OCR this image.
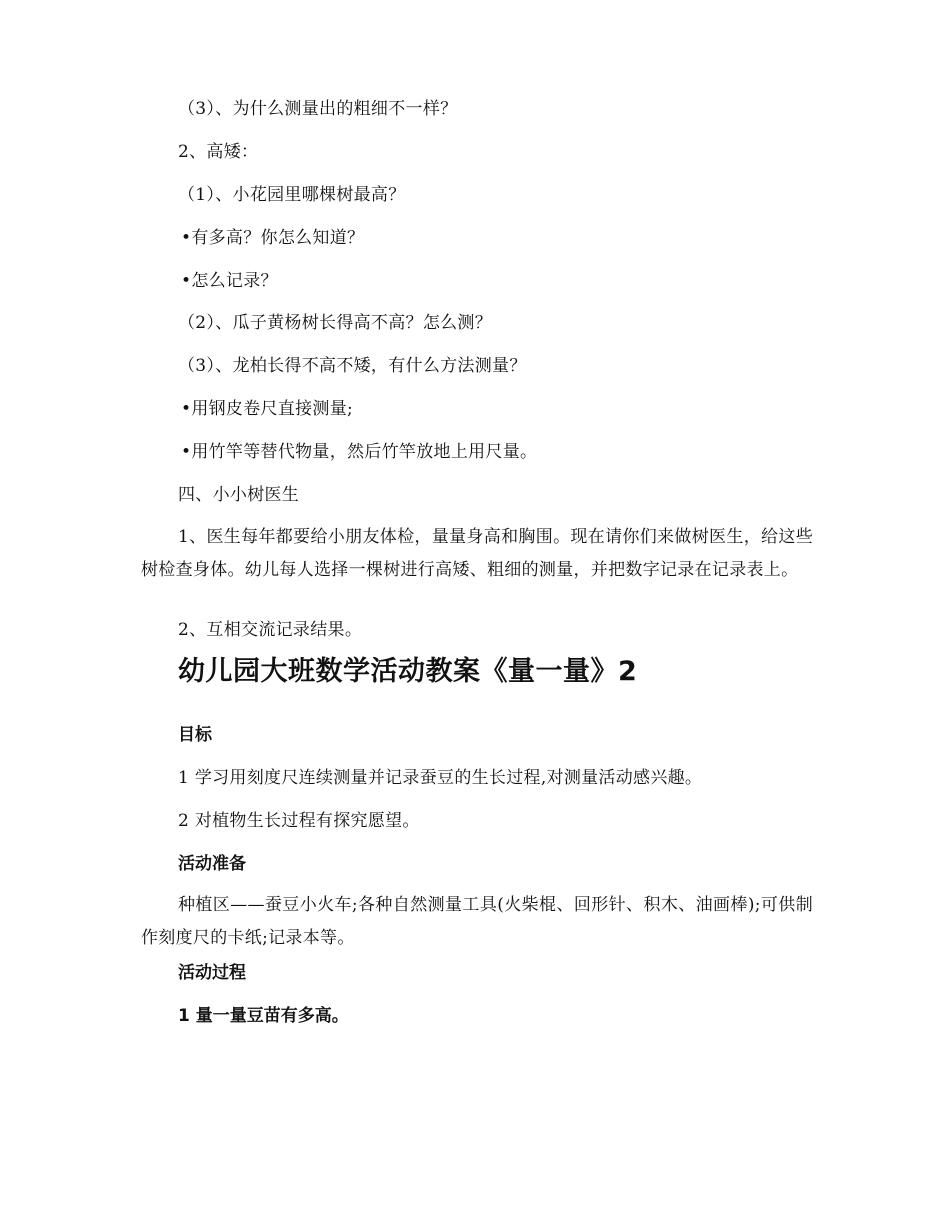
（3）、为什么测量出的粗细不一样？
2、高矮：
（1）、小花园里哪棵树最高？
•有多高？你怎么知道？
•怎么记录？
（2）、瓜子黄杨树长得高不高？怎么测？
（3）、龙柏长得不高不矮，有什么方法测量？
•用钢皮卷尺直接测量;
•用竹竿等替代物量，然后竹竿放地上用尺量。
四、小小树医生
1、医生每年都要给小朋友体检，量量身高和胸围。现在请你们来做树医生，给这些树检查身体。幼儿每人选择一棵树进行高矮、粗细的测量，并把数字记录在记录表上。
2、互相交流记录结果。
幼儿园大班数学活动教案《量一量》2
目标
1 学习用刻度尺连续测量并记录蚕豆的生长过程,对测量活动感兴趣。
2 对植物生长过程有探究愿望。
活动准备
种植区——蚕豆小火车;各种自然测量工具(火柴棍、回形针、积木、油画棒);可供制作刻度尺的卡纸;记录本等。
活动过程
1 量一量豆苗有多高。
